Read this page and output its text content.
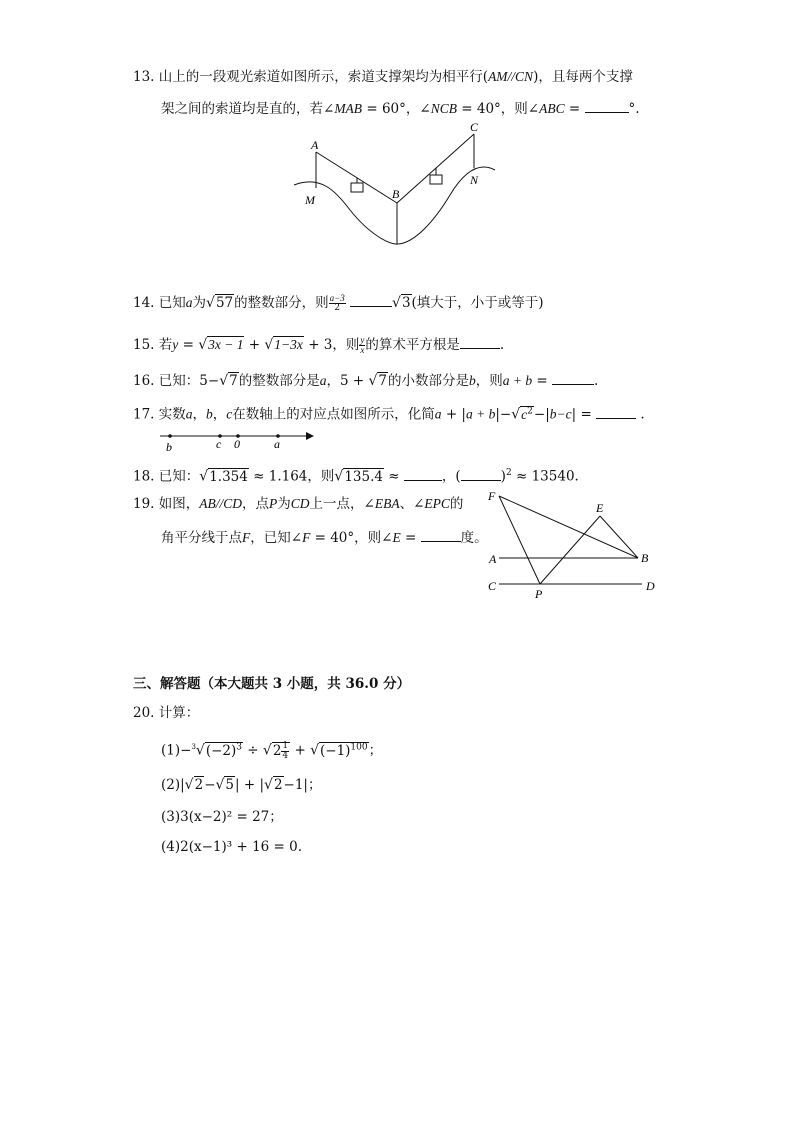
13. 山上的一段观光索道如图所示，索道支撑架均为相平行(AM//CN)，且每两个支撑
架之间的索道均是直的，若∠MAB = 60°，∠NCB = 40°，则∠ABC =	°.
A
B
C
M
N
14. 已知a为√57的整数部分，则 $\frac{a-3}{2}$	√3(填大于，小于或等于)
15. 若y = √3x − 1 + √1−3x + 3，则 $\frac{y}{x}$ 的算术平方根是	.
16. 已知：5−√7的整数部分是a，5 + √7的小数部分是b，则a + b =	.
17. 实数a，b，c在数轴上的对应点如图所示，化简$a + |a + b|-√c^2-|b-c|$ =	.
b	c 0	a
18. 已知：√1.354 ≈ 1.164，则√135.4 ≈	，(	)$^2$ ≈ 13540.
19. 如图，AB//CD，点P为CD上一点，∠EBA、∠EPC的
角平分线于点F，已知∠F = 40°，则∠E =	度。
F
E
A	B
C
P
D
三、解答题（本大题共 3 小题，共 36.0 分）
20. 计算：
$(1)-^3√(-2)^3 \div √2 \frac{1}{4} + √(-1)^{100}$；
(2)|√2−√5| + |√2−1|；
(3)3(x−2)² = 27；
(4)2(x−1)³ + 16 = 0.
